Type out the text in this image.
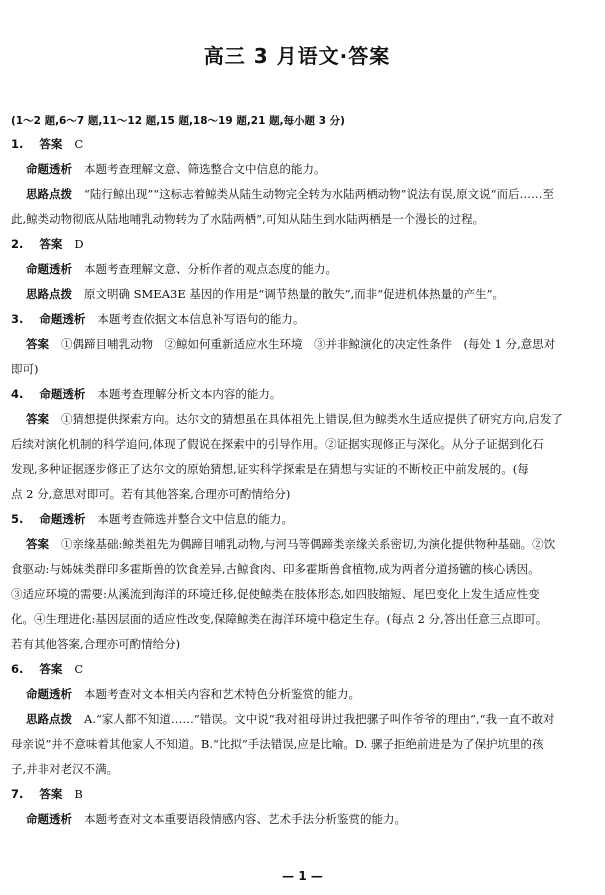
高三 3 月语文·答案
(1～2 题,6～7 题,11～12 题,15 题,18～19 题,21 题,每小题 3 分)
1. 答案 C
命题透析 本题考查理解文意、筛选整合文中信息的能力。
思路点拨 “陆行鲸出现”“这标志着鲸类从陆生动物完全转为水陆两栖动物”说法有误,原文说“而后……至
此,鲸类动物彻底从陆地哺乳动物转为了水陆两栖”,可知从陆生到水陆两栖是一个漫长的过程。
2. 答案 D
命题透析 本题考查理解文意、分析作者的观点态度的能力。
思路点拨 原文明确 SMEA3E 基因的作用是“调节热量的散失”,而非“促进机体热量的产生”。
3. 命题透析 本题考查依据文本信息补写语句的能力。
答案 ①偶蹄目哺乳动物　②鲸如何重新适应水生环境　③并非鲸演化的决定性条件　(每处 1 分,意思对
即可)
4. 命题透析 本题考查理解分析文本内容的能力。
答案 ①猜想提供探索方向。达尔文的猜想虽在具体祖先上错误,但为鲸类水生适应提供了研究方向,启发了
后续对演化机制的科学追问,体现了假说在探索中的引导作用。②证据实现修正与深化。从分子证据到化石
发现,多种证据逐步修正了达尔文的原始猜想,证实科学探索是在猜想与实证的不断校正中前发展的。(每
点 2 分,意思对即可。若有其他答案,合理亦可酌情给分)
5. 命题透析 本题考查筛选并整合文中信息的能力。
答案 ①亲缘基础:鲸类祖先为偶蹄目哺乳动物,与河马等偶蹄类亲缘关系密切,为演化提供物种基础。②饮
食驱动:与姊妹类群印多霍斯兽的饮食差异,古鲸食肉、印多霍斯兽食植物,成为两者分道扬镳的核心诱因。
③适应环境的需要:从溪流到海洋的环境迁移,促使鲸类在肢体形态,如四肢缩短、尾巴变化上发生适应性变
化。④生理进化:基因层面的适应性改变,保障鲸类在海洋环境中稳定生存。(每点 2 分,答出任意三点即可。
若有其他答案,合理亦可酌情给分)
6. 答案 C
命题透析 本题考查对文本相关内容和艺术特色分析鉴赏的能力。
思路点拨 A.“家人都不知道……”错误。文中说“我对祖母讲过我把骡子叫作爷爷的理由”,“我一直不敢对
母亲说”并不意味着其他家人不知道。B.“比拟”手法错误,应是比喻。D. 骡子拒绝前进是为了保护坑里的孩
子,并非对老汉不满。
7. 答案 B
命题透析 本题考查对文本重要语段情感内容、艺术手法分析鉴赏的能力。
— 1 —
